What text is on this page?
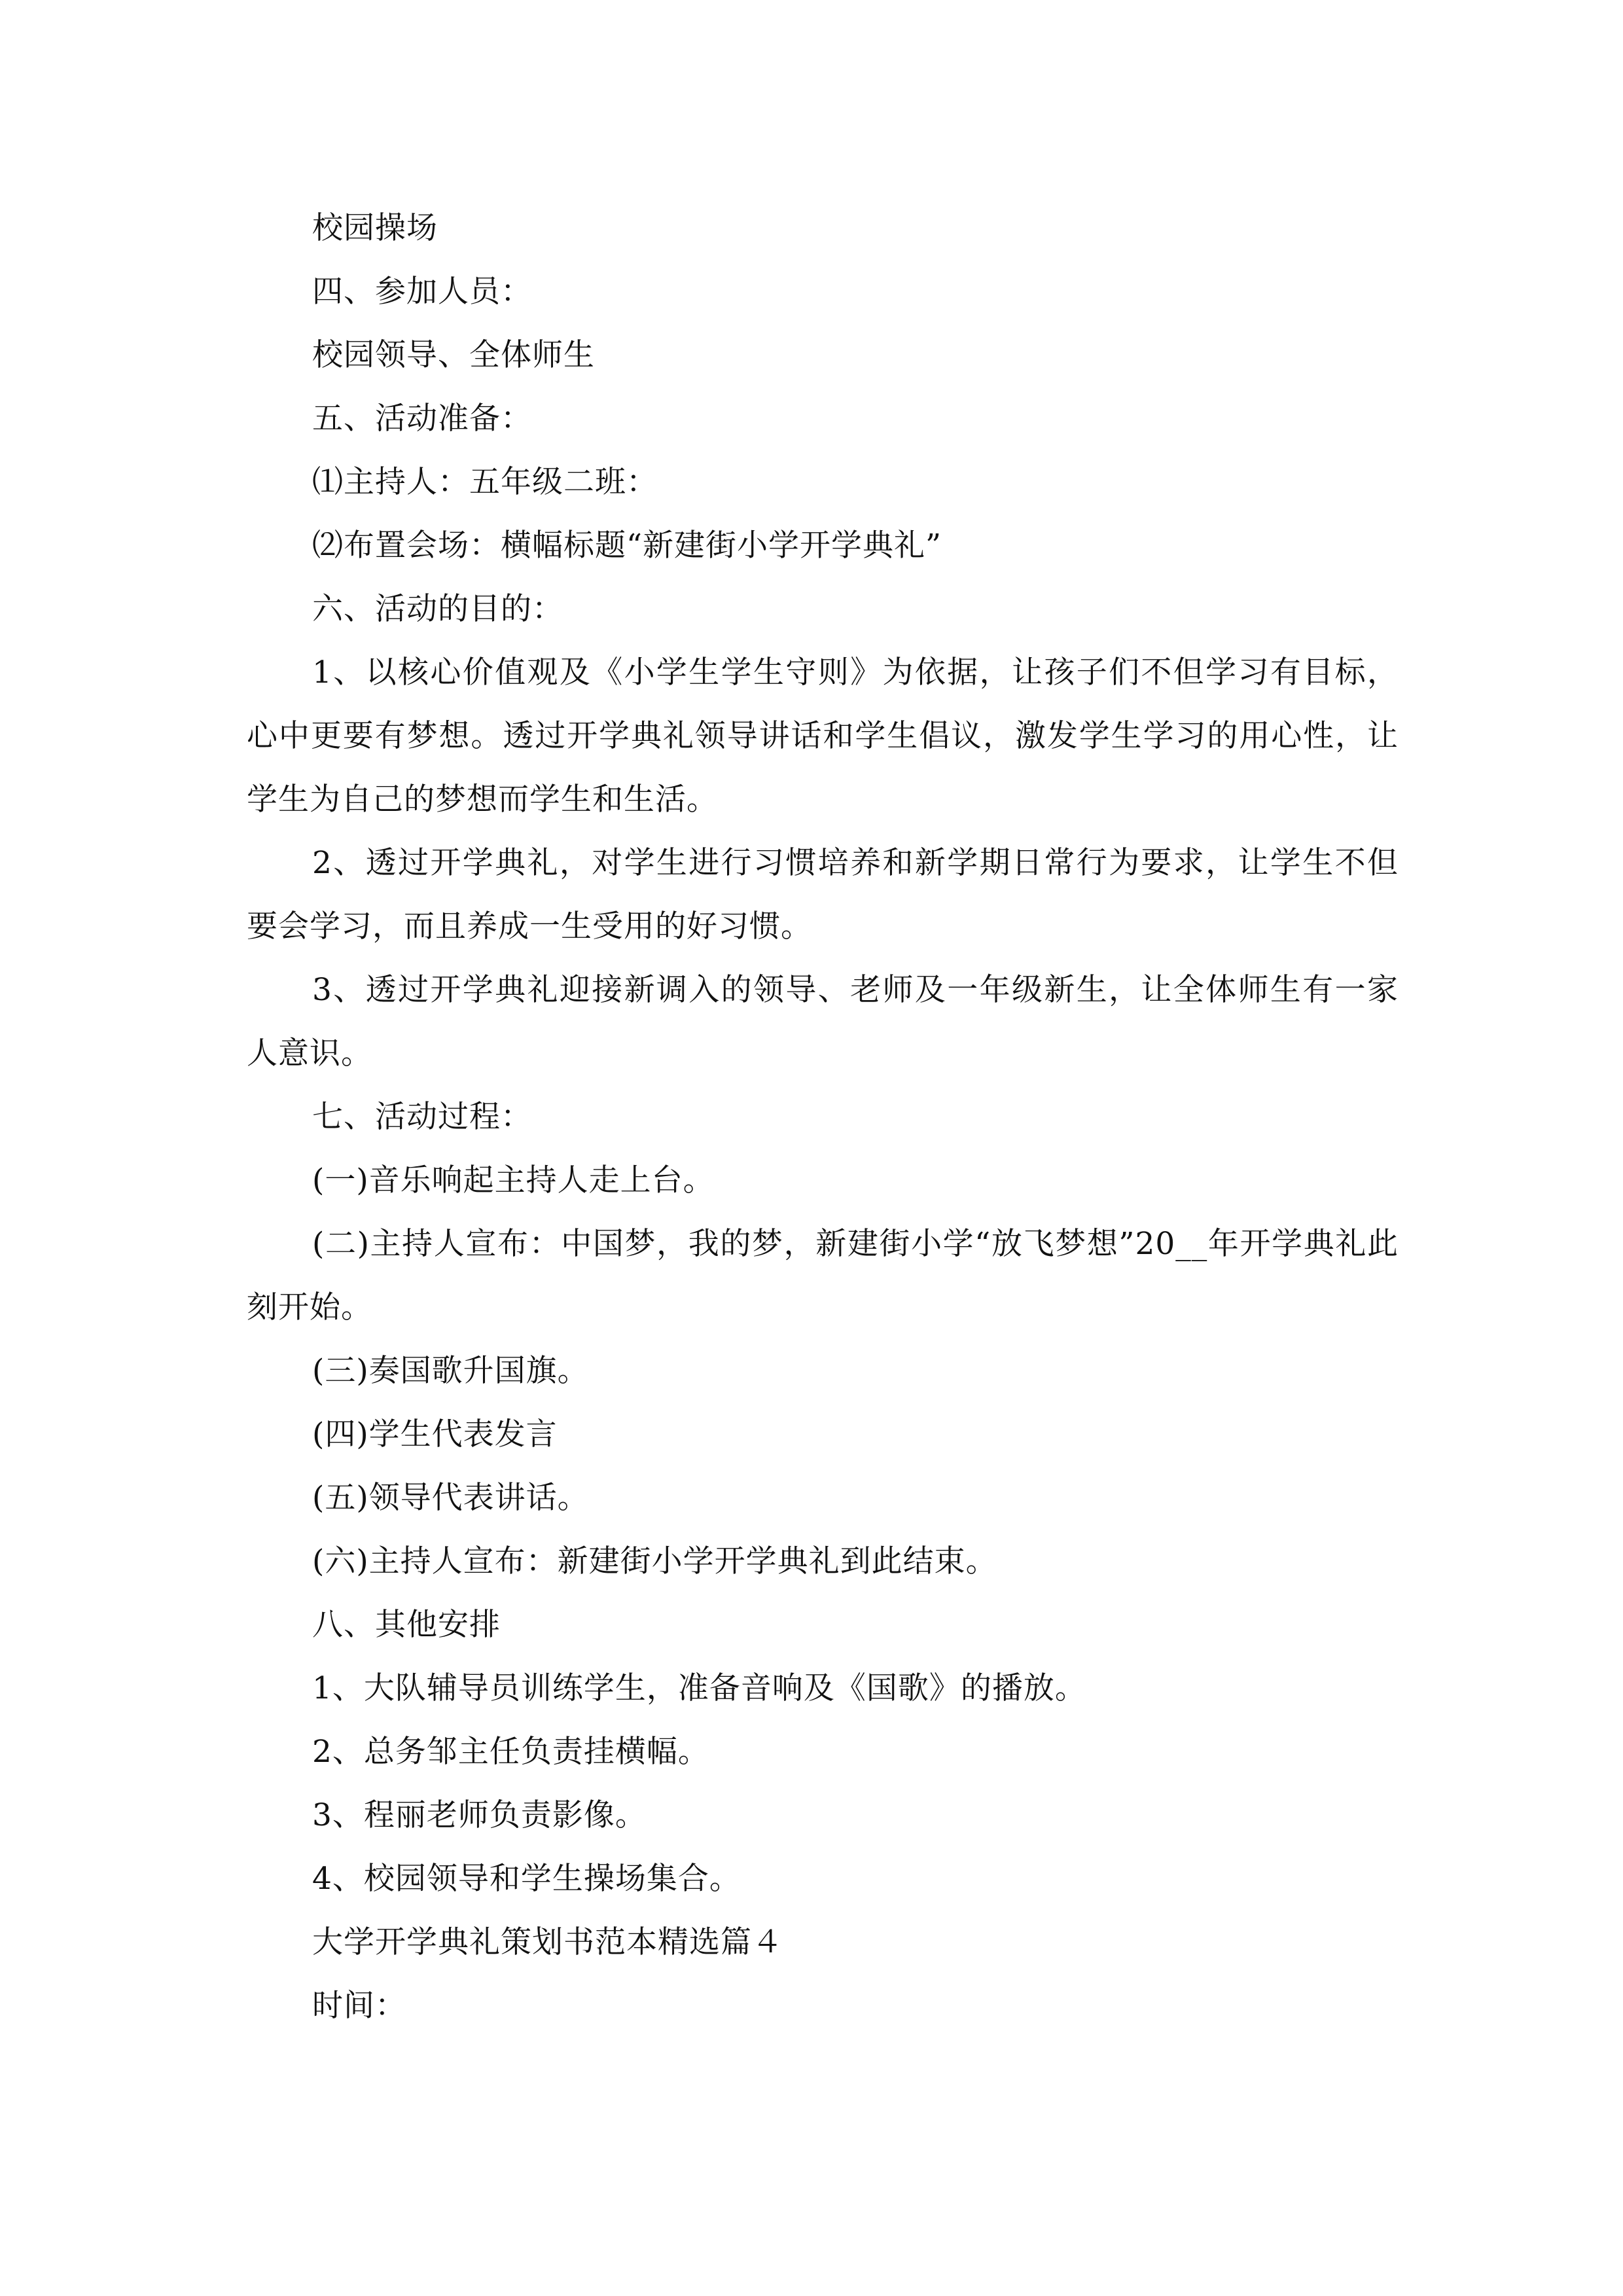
校园操场
四、参加人员：
校园领导、全体师生
五、活动准备：
⑴主持人：五年级二班：
⑵布置会场：横幅标题“新建街小学开学典礼”
六、活动的目的：
1、以核心价值观及《小学生学生守则》为依据，让孩子们不但学习有目标，心中更要有梦想。透过开学典礼领导讲话和学生倡议，激发学生学习的用心性，让学生为自己的梦想而学生和生活。
2、透过开学典礼，对学生进行习惯培养和新学期日常行为要求，让学生不但要会学习，而且养成一生受用的好习惯。
3、透过开学典礼迎接新调入的领导、老师及一年级新生，让全体师生有一家人意识。
七、活动过程：
(一)音乐响起主持人走上台。
(二)主持人宣布：中国梦，我的梦，新建街小学“放飞梦想”20__年开学典礼此刻开始。
(三)奏国歌升国旗。
(四)学生代表发言
(五)领导代表讲话。
(六)主持人宣布：新建街小学开学典礼到此结束。
八、其他安排
1、大队辅导员训练学生，准备音响及《国歌》的播放。
2、总务邹主任负责挂横幅。
3、程丽老师负责影像。
4、校园领导和学生操场集合。
大学开学典礼策划书范本精选篇４
时间：
